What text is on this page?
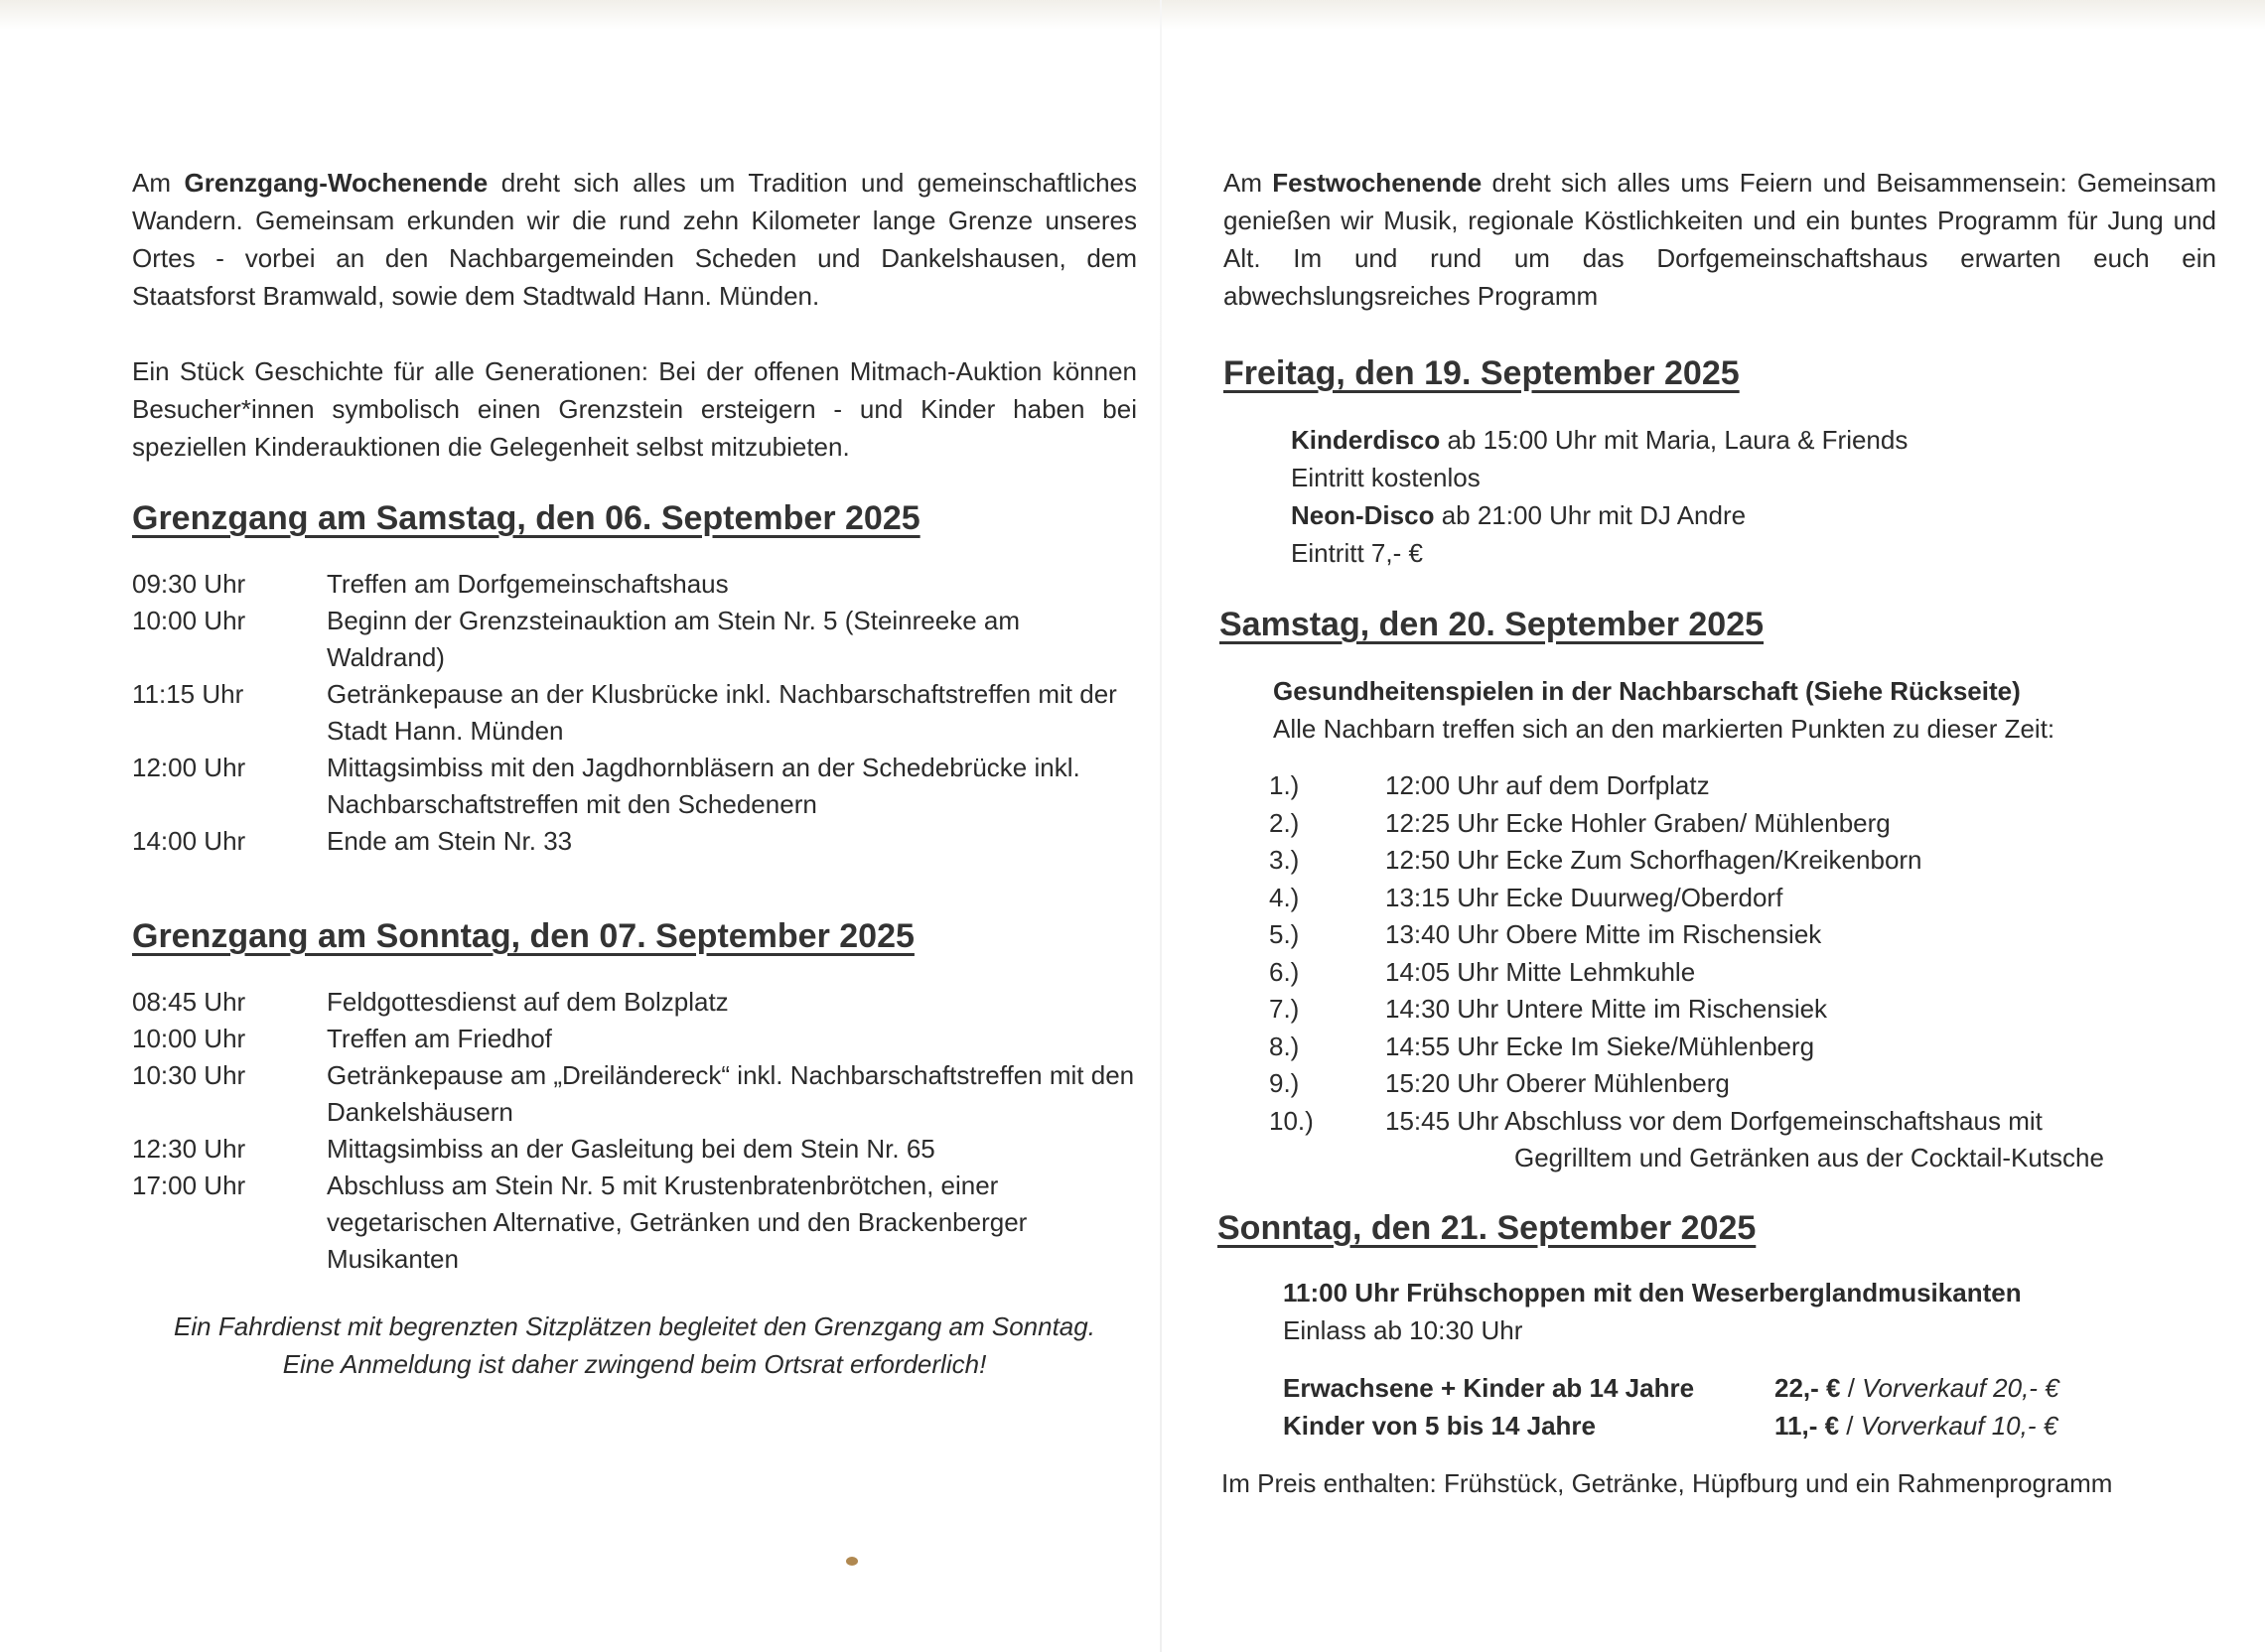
Am Grenzgang-Wochenende dreht sich alles um Tradition und gemeinschaftliches Wandern. Gemeinsam erkunden wir die rund zehn Kilometer lange Grenze unseres Ortes - vorbei an den Nachbargemeinden Scheden und Dankelshausen, dem Staatsforst Bramwald, sowie dem Stadtwald Hann. Münden.

Ein Stück Geschichte für alle Generationen: Bei der offenen Mitmach-Auktion können Besucher*innen symbolisch einen Grenzstein ersteigern - und Kinder haben bei speziellen Kinderauktionen die Gelegenheit selbst mitzubieten.

Grenzgang am Samstag, den 06. September 2025
09:30 Uhr	Treffen am Dorfgemeinschaftshaus
10:00 Uhr	Beginn der Grenzsteinauktion am Stein Nr. 5 (Steinreeke am Waldrand)
11:15 Uhr	Getränkepause an der Klusbrücke inkl. Nachbarschaftstreffen mit der Stadt Hann. Münden
12:00 Uhr	Mittagsimbiss mit den Jagdhornbläsern an der Schedebrücke inkl. Nachbarschaftstreffen mit den Schedenern
14:00 Uhr	Ende am Stein Nr. 33
Grenzgang am Sonntag, den 07. September 2025
08:45 Uhr	Feldgottesdienst auf dem Bolzplatz
10:00 Uhr	Treffen am Friedhof
10:30 Uhr	Getränkepause am „Dreiländereck“ inkl. Nachbarschaftstreffen mit den Dankelshäusern
12:30 Uhr	Mittagsimbiss an der Gasleitung bei dem Stein Nr. 65
17:00 Uhr	Abschluss am Stein Nr. 5 mit Krustenbratenbrötchen, einer vegetarischen Alternative, Getränken und den Brackenberger Musikanten
Ein Fahrdienst mit begrenzten Sitzplätzen begleitet den Grenzgang am Sonntag.
Eine Anmeldung ist daher zwingend beim Ortsrat erforderlich!

Am Festwochenende dreht sich alles ums Feiern und Beisammensein: Gemeinsam genießen wir Musik, regionale Köstlichkeiten und ein buntes Programm für Jung und Alt. Im und rund um das Dorfgemeinschaftshaus erwarten euch ein abwechslungsreiches Programm

Freitag, den 19. September 2025
Kinderdisco ab 15:00 Uhr mit Maria, Laura & Friends
Eintritt kostenlos
Neon-Disco ab 21:00 Uhr mit DJ Andre
Eintritt 7,- €
Samstag, den 20. September 2025
Gesundheitenspielen in der Nachbarschaft (Siehe Rückseite)
Alle Nachbarn treffen sich an den markierten Punkten zu dieser Zeit:
1.)	12:00 Uhr auf dem Dorfplatz
2.)	12:25 Uhr Ecke Hohler Graben/ Mühlenberg
3.)	12:50 Uhr Ecke Zum Schorfhagen/Kreikenborn
4.)	13:15 Uhr Ecke Duurweg/Oberdorf
5.)	13:40 Uhr Obere Mitte im Rischensiek
6.)	14:05 Uhr Mitte Lehmkuhle
7.)	14:30 Uhr Untere Mitte im Rischensiek
8.)	14:55 Uhr Ecke Im Sieke/Mühlenberg
9.)	15:20 Uhr Oberer Mühlenberg
10.)	15:45 Uhr Abschluss vor dem Dorfgemeinschaftshaus mit
Gegrilltem und Getränken aus der Cocktail-Kutsche
Sonntag, den 21. September 2025
11:00 Uhr Frühschoppen mit den Weserberglandmusikanten
Einlass ab 10:30 Uhr
Erwachsene + Kinder ab 14 Jahre	22,- € / Vorverkauf 20,- €
Kinder von 5 bis 14 Jahre	11,- € / Vorverkauf 10,- €
Im Preis enthalten: Frühstück, Getränke, Hüpfburg und ein Rahmenprogramm
